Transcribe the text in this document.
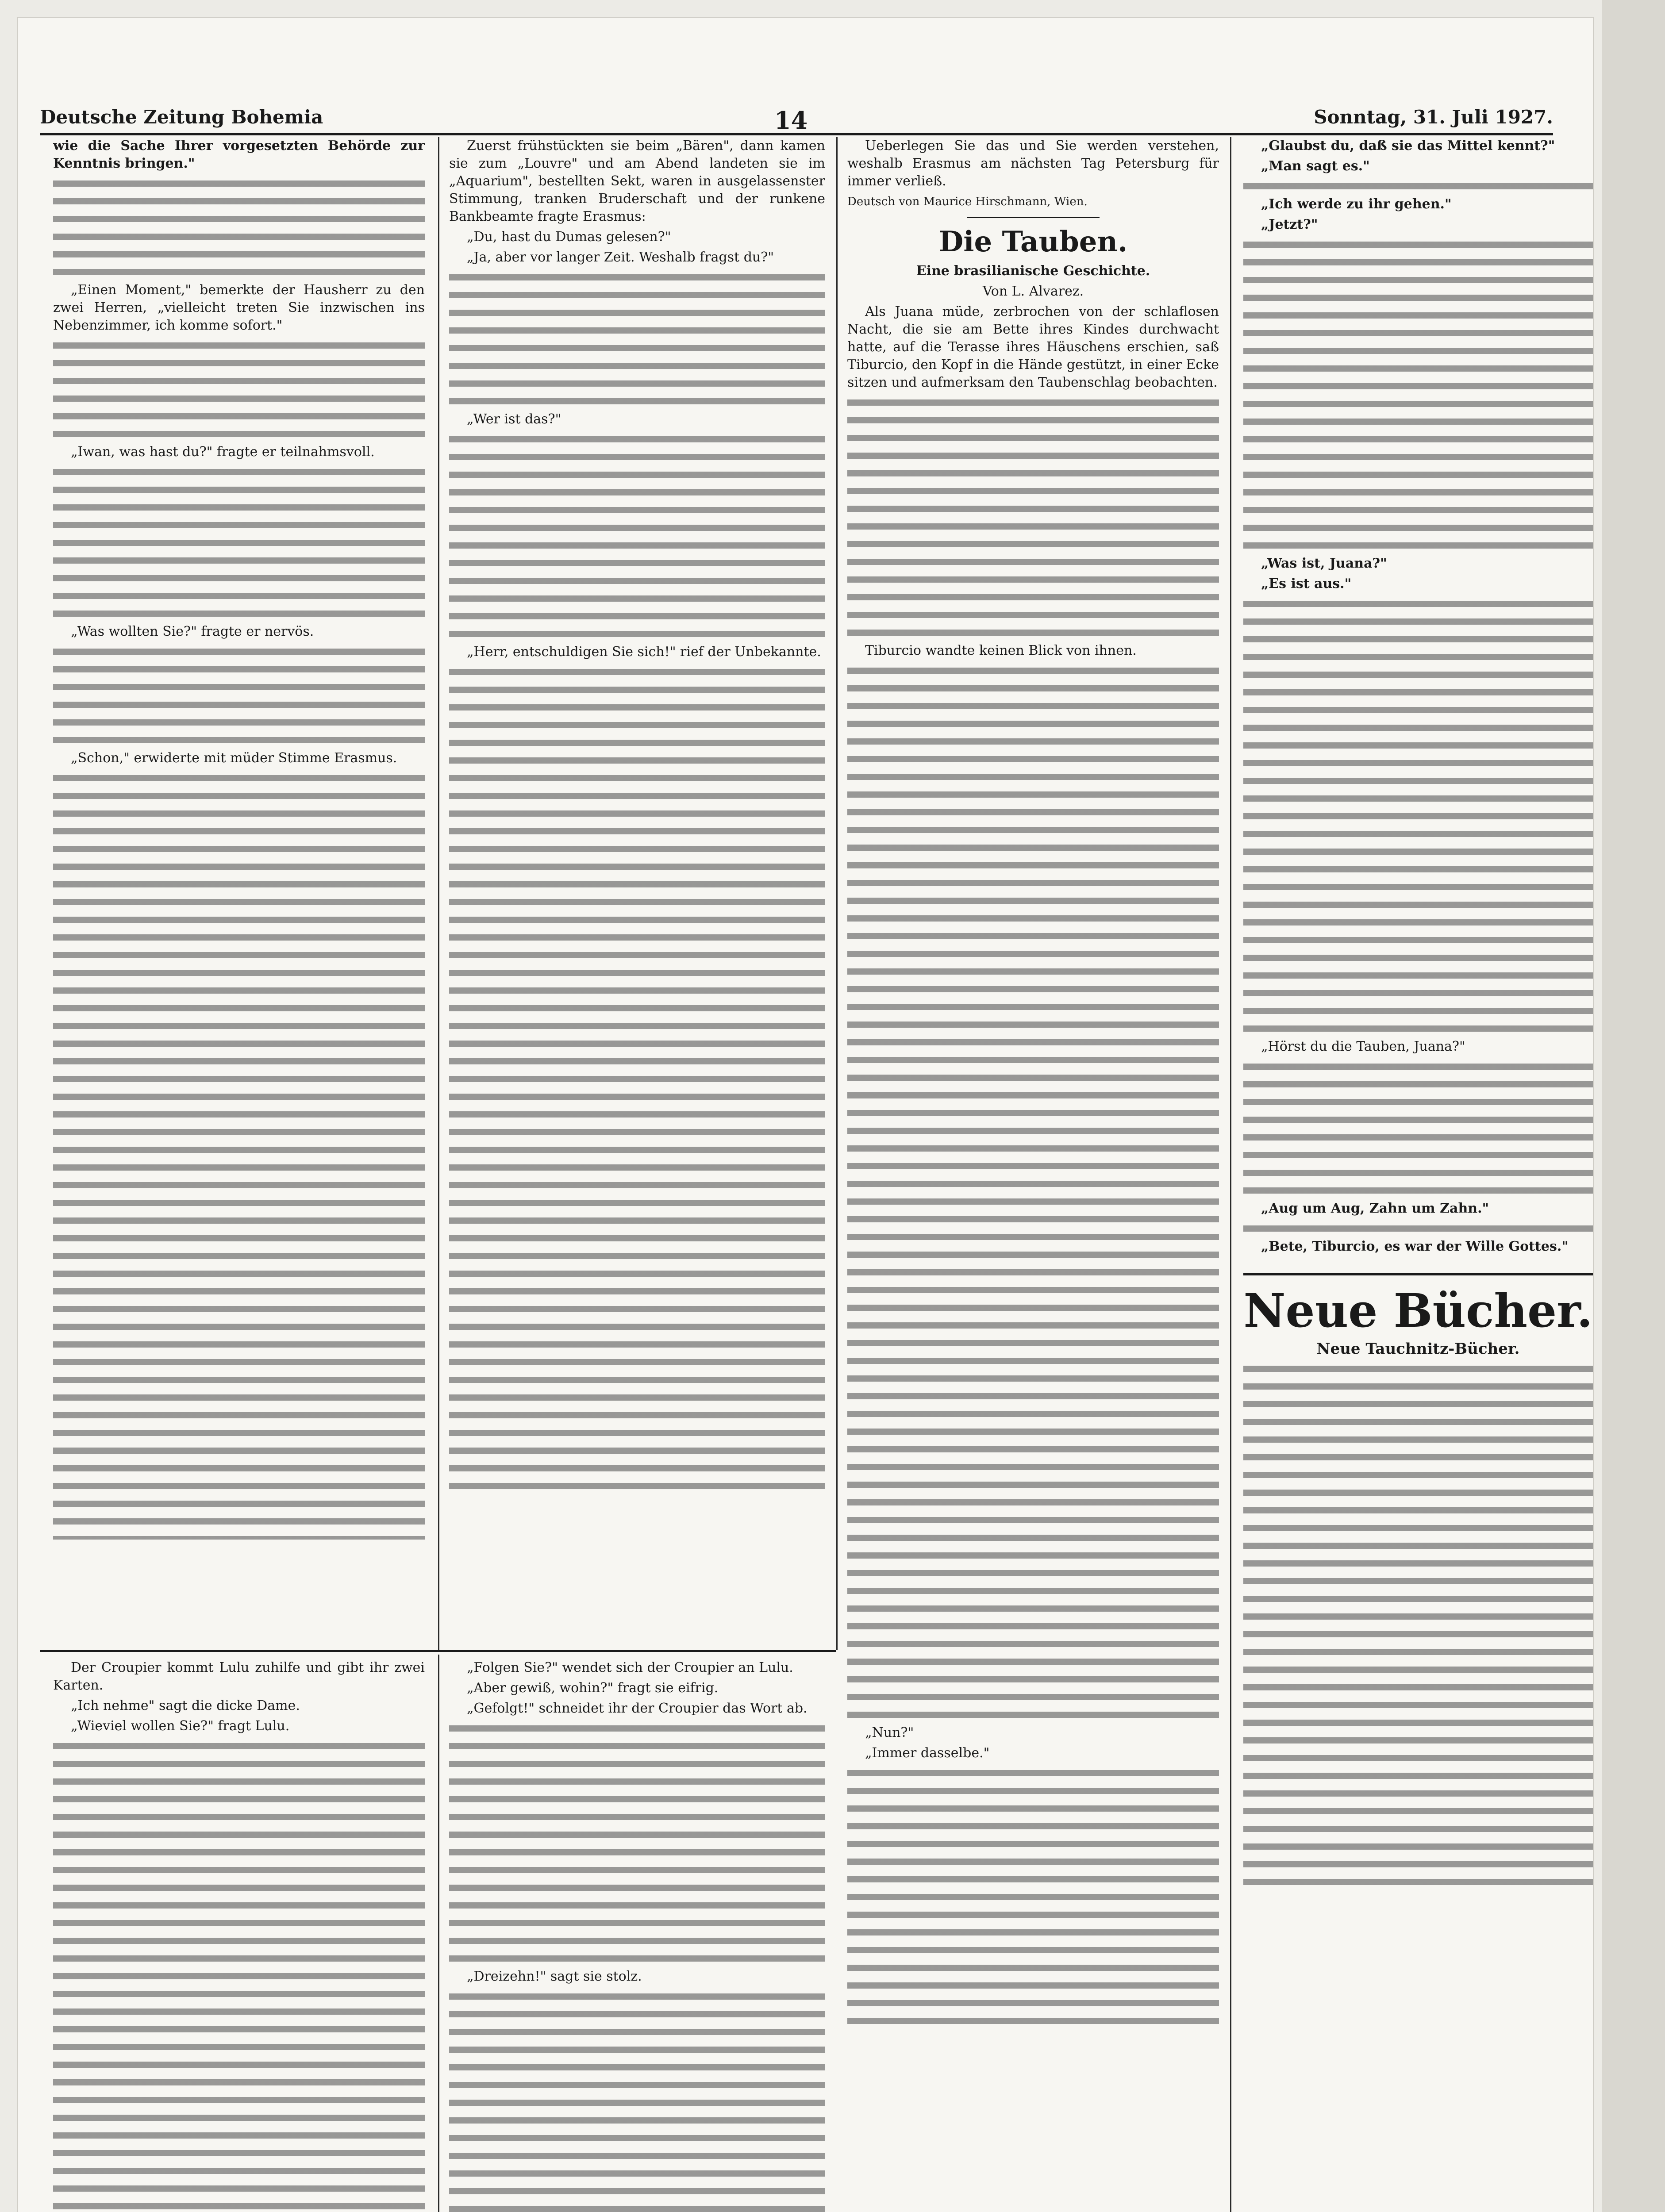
Deutsche Zeitung Bohemia	14	Sonntag, 31. Juli 1927.

wie die Sache Ihrer vorgesetzten Behörde zur Kenntnis bringen."

„Einen Moment," bemerkte der Hausherr zu den zwei Herren, „vielleicht treten Sie inzwischen ins Nebenzimmer, ich komme sofort."

„Iwan, was hast du?" fragte er teilnahmsvoll.

„Was wollten Sie?" fragte er nervös.

„Schon," erwiderte mit müder Stimme Erasmus.

Zuerst frühstückten sie beim „Bären", dann kamen sie zum „Louvre" und am Abend landeten sie im „Aquarium", bestellten Sekt, waren in ausgelassenster Stimmung, tranken Bruderschaft und der runkene Bankbeamte fragte Erasmus:

„Du, hast du Dumas gelesen?"

„Ja, aber vor langer Zeit. Weshalb fragst du?"

„Wer ist das?"

„Herr, entschuldigen Sie sich!" rief der Unbekannte.

Ueberlegen Sie das und Sie werden verstehen, weshalb Erasmus am nächsten Tag Petersburg für immer verließ.

Deutsch von Maurice Hirschmann, Wien.

Die Tauben.

Eine brasilianische Geschichte.

Von L. Alvarez.

Als Juana müde, zerbrochen von der schlaflosen Nacht, die sie am Bette ihres Kindes durchwacht hatte, auf die Terasse ihres Häuschens erschien, saß Tiburcio, den Kopf in die Hände gestützt, in einer Ecke sitzen und aufmerksam den Taubenschlag beobachten.

Tiburcio wandte keinen Blick von ihnen.

„Nun?"

„Immer dasselbe."

„Glaubst du, daß sie das Mittel kennt?"

„Man sagt es."

„Ich werde zu ihr gehen."

„Jetzt?"

„Was ist, Juana?"

„Es ist aus."

„Hörst du die Tauben, Juana?"

„Aug um Aug, Zahn um Zahn."

„Bete, Tiburcio, es war der Wille Gottes."

Neue Bücher.

Neue Tauchnitz-Bücher.

Der Croupier kommt Lulu zuhilfe und gibt ihr zwei Karten.

„Ich nehme" sagt die dicke Dame.

„Wieviel wollen Sie?" fragt Lulu.

„Folgen Sie?" wendet sich der Croupier an Lulu.

„Aber gewiß, wohin?" fragt sie eifrig.

„Gefolgt!" schneidet ihr der Croupier das Wort ab.

„Dreizehn!" sagt sie stolz.
